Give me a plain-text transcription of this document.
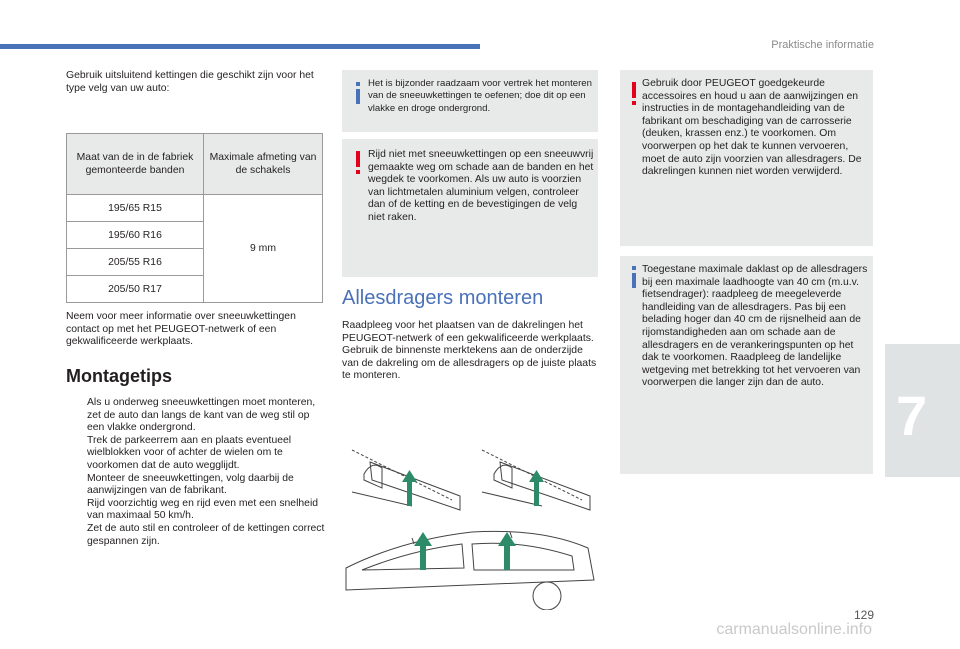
Praktische informatie

Gebruik uitsluitend kettingen die geschikt zijn voor het type velg van uw auto:

Maat van de in de fabriek gemonteerde banden	Maximale afmeting van de schakels
195/65 R15	9 mm
195/60 R16	
205/55 R16	
205/50 R17	

Neem voor meer informatie over sneeuwkettingen contact op met het PEUGEOT-netwerk of een gekwalificeerde werkplaats.

Montagetips
Als u onderweg sneeuwkettingen moet monteren, zet de auto dan langs de kant van de weg stil op een vlakke ondergrond.
Trek de parkeerrem aan en plaats eventueel wielblokken voor of achter de wielen om te voorkomen dat de auto wegglijdt.
Monteer de sneeuwkettingen, volg daarbij de aanwijzingen van de fabrikant.
Rijd voorzichtig weg en rijd even met een snelheid van maximaal 50 km/h.
Zet de auto stil en controleer of de kettingen correct gespannen zijn.
Het is bijzonder raadzaam voor vertrek het monteren van de sneeuwkettingen te oefenen; doe dit op een vlakke en droge ondergrond.
Rijd niet met sneeuwkettingen op een sneeuwvrij gemaakte weg om schade aan de banden en het wegdek te voorkomen. Als uw auto is voorzien van lichtmetalen aluminium velgen, controleer dan of de ketting en de bevestigingen de velg niet raken.
Allesdragers monteren

Raadpleeg voor het plaatsen van de dakrelingen het PEUGEOT-netwerk of een gekwalificeerde werkplaats. Gebruik de binnenste merktekens aan de onderzijde van de dakreling om de allesdragers op de juiste plaats te monteren.

Gebruik door PEUGEOT goedgekeurde accessoires en houd u aan de aanwijzingen en instructies in de montagehandleiding van de fabrikant om beschadiging van de carrosserie (deuken, krassen enz.) te voorkomen. Om voorwerpen op het dak te kunnen vervoeren, moet de auto zijn voorzien van allesdragers. De dakrelingen kunnen niet worden verwijderd.
Toegestane maximale daklast op de allesdragers bij een maximale laadhoogte van 40 cm (m.u.v. fietsendrager): raadpleeg de meegeleverde handleiding van de allesdragers. Pas bij een belading hoger dan 40 cm de rijsnelheid aan de rijomstandigheden aan om schade aan de allesdragers en de verankeringspunten op het dak te voorkomen. Raadpleeg de landelijke wetgeving met betrekking tot het vervoeren van voorwerpen die langer zijn dan de auto.
7
129
carmanualsonline.info
